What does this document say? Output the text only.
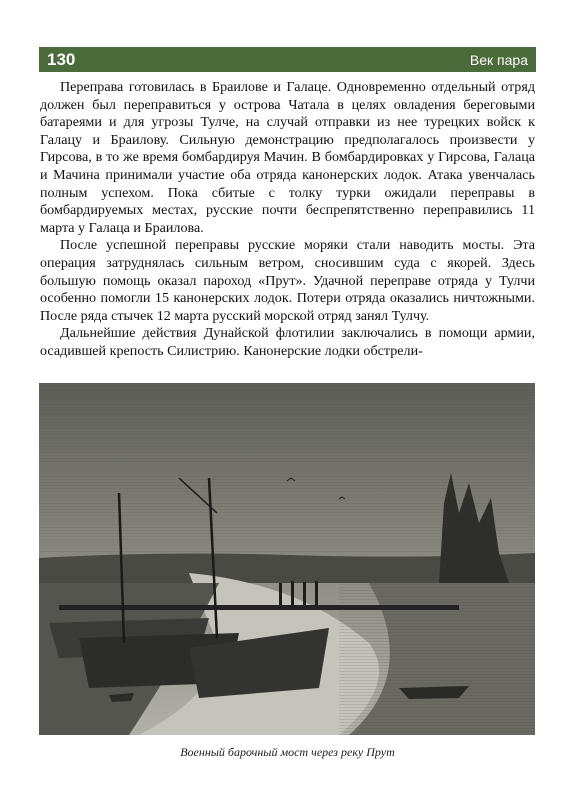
130	Век пара

Переправа готовилась в Браилове и Галаце. Одновременно отдельный отряд должен был переправиться у острова Чатала в целях овладения береговыми батареями и для угрозы Тулче, на случай отправки из нее турецких войск к Галацу и Браилову. Сильную демонстрацию предполагалось произвести у Гирсова, в то же время бомбардируя Мачин. В бомбардировках у Гирсова, Галаца и Мачина принимали участие оба отряда канонерских лодок. Атака увенчалась полным успехом. Пока сбитые с толку турки ожидали переправы в бомбардируемых местах, русские почти беспрепятственно переправились 11 марта у Галаца и Браилова.

После успешной переправы русские моряки стали наводить мосты. Эта операция затруднялась сильным ветром, сносившим суда с якорей. Здесь большую помощь оказал пароход «Прут». Удачной переправе отряда у Тулчи особенно помогли 15 канонерских лодок. Потери отряда оказались ничтожными. После ряда стычек 12 марта русский морской отряд занял Тулчу.

Дальнейшие действия Дунайской флотилии заключались в помощи армии, осадившей крепость Силистрию. Канонерские лодки обстрели-

Военный барочный мост через реку Прут
